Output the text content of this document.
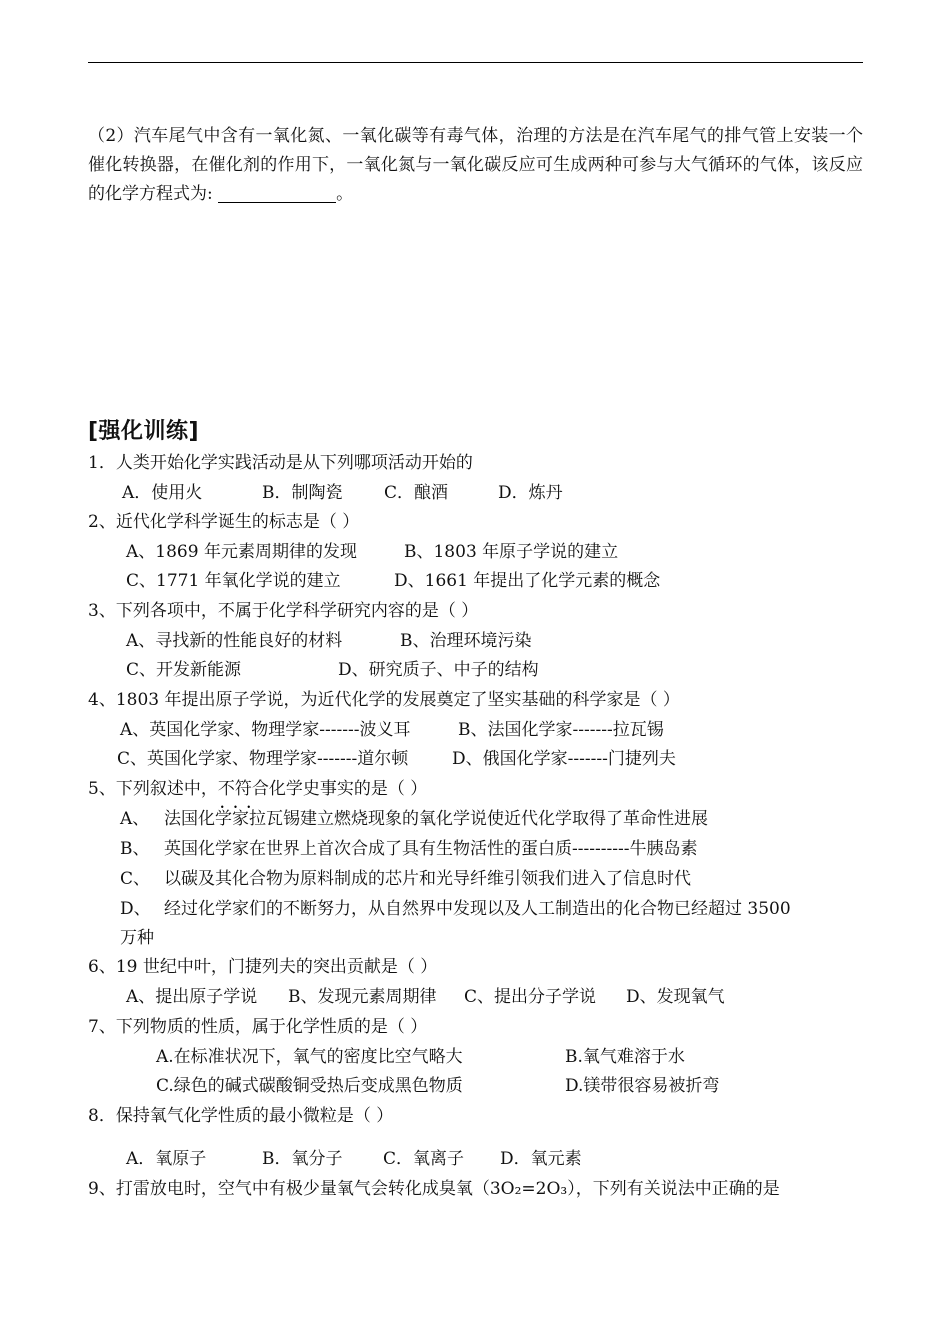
（2）汽车尾气中含有一氧化氮、一氧化碳等有毒气体，治理的方法是在汽车尾气的排气管上安装一个催化转换器，在催化剂的作用下，一氧化氮与一氧化碳反应可生成两种可参与大气循环的气体，该反应的化学方程式为:	。
[强化训练]
1．人类开始化学实践活动是从下列哪项活动开始的
A．使用火	B．制陶瓷 C．酿酒	D．炼丹
2、近代化学科学诞生的标志是（ ）
A、1869 年元素周期律的发现	B、1803 年原子学说的建立
C、1771 年氧化学说的建立	D、1661 年提出了化学元素的概念
3、下列各项中，不属于化学科学研究内容的是（ ）
A、寻找新的性能良好的材料	B、治理环境污染
C、开发新能源	D、研究质子、中子的结构
4、1803 年提出原子学说，为近代化学的发展奠定了坚实基础的科学家是（ ）
A、英国化学家、物理学家-------波义耳	B、法国化学家-------拉瓦锡
C、英国化学家、物理学家-------道尔顿	D、俄国化学家-------门捷列夫
5、下列叙述中，不符合 • • •化学史事实的是（ ）
A、 法国化学家拉瓦锡建立燃烧现象的氧化学说使近代化学取得了革命性进展
B、 英国化学家在世界上首次合成了具有生物活性的蛋白质----------牛胰岛素
C、 以碳及其化合物为原料制成的芯片和光导纤维引领我们进入了信息时代
D、 经过化学家们的不断努力，从自然界中发现以及人工制造出的化合物已经超过 3500
万种
6、19 世纪中叶，门捷列夫的突出贡献是（ ）
A、提出原子学说 B、发现元素周期律 C、提出分子学说 D、发现氧气
7、下列物质的性质，属于化学性质的是（ ）
A.在标准状况下，氧气的密度比空气略大	B.氧气难溶于水
C.绿色的碱式碳酸铜受热后变成黑色物质	D.镁带很容易被折弯
8．保持氧气化学性质的最小微粒是（ ）
A．氧原子	B．氧分子 C．氧离子 D．氧元素
9、打雷放电时，空气中有极少量氧气会转化成臭氧（3O₂=2O₃），下列有关说法中正确的是
